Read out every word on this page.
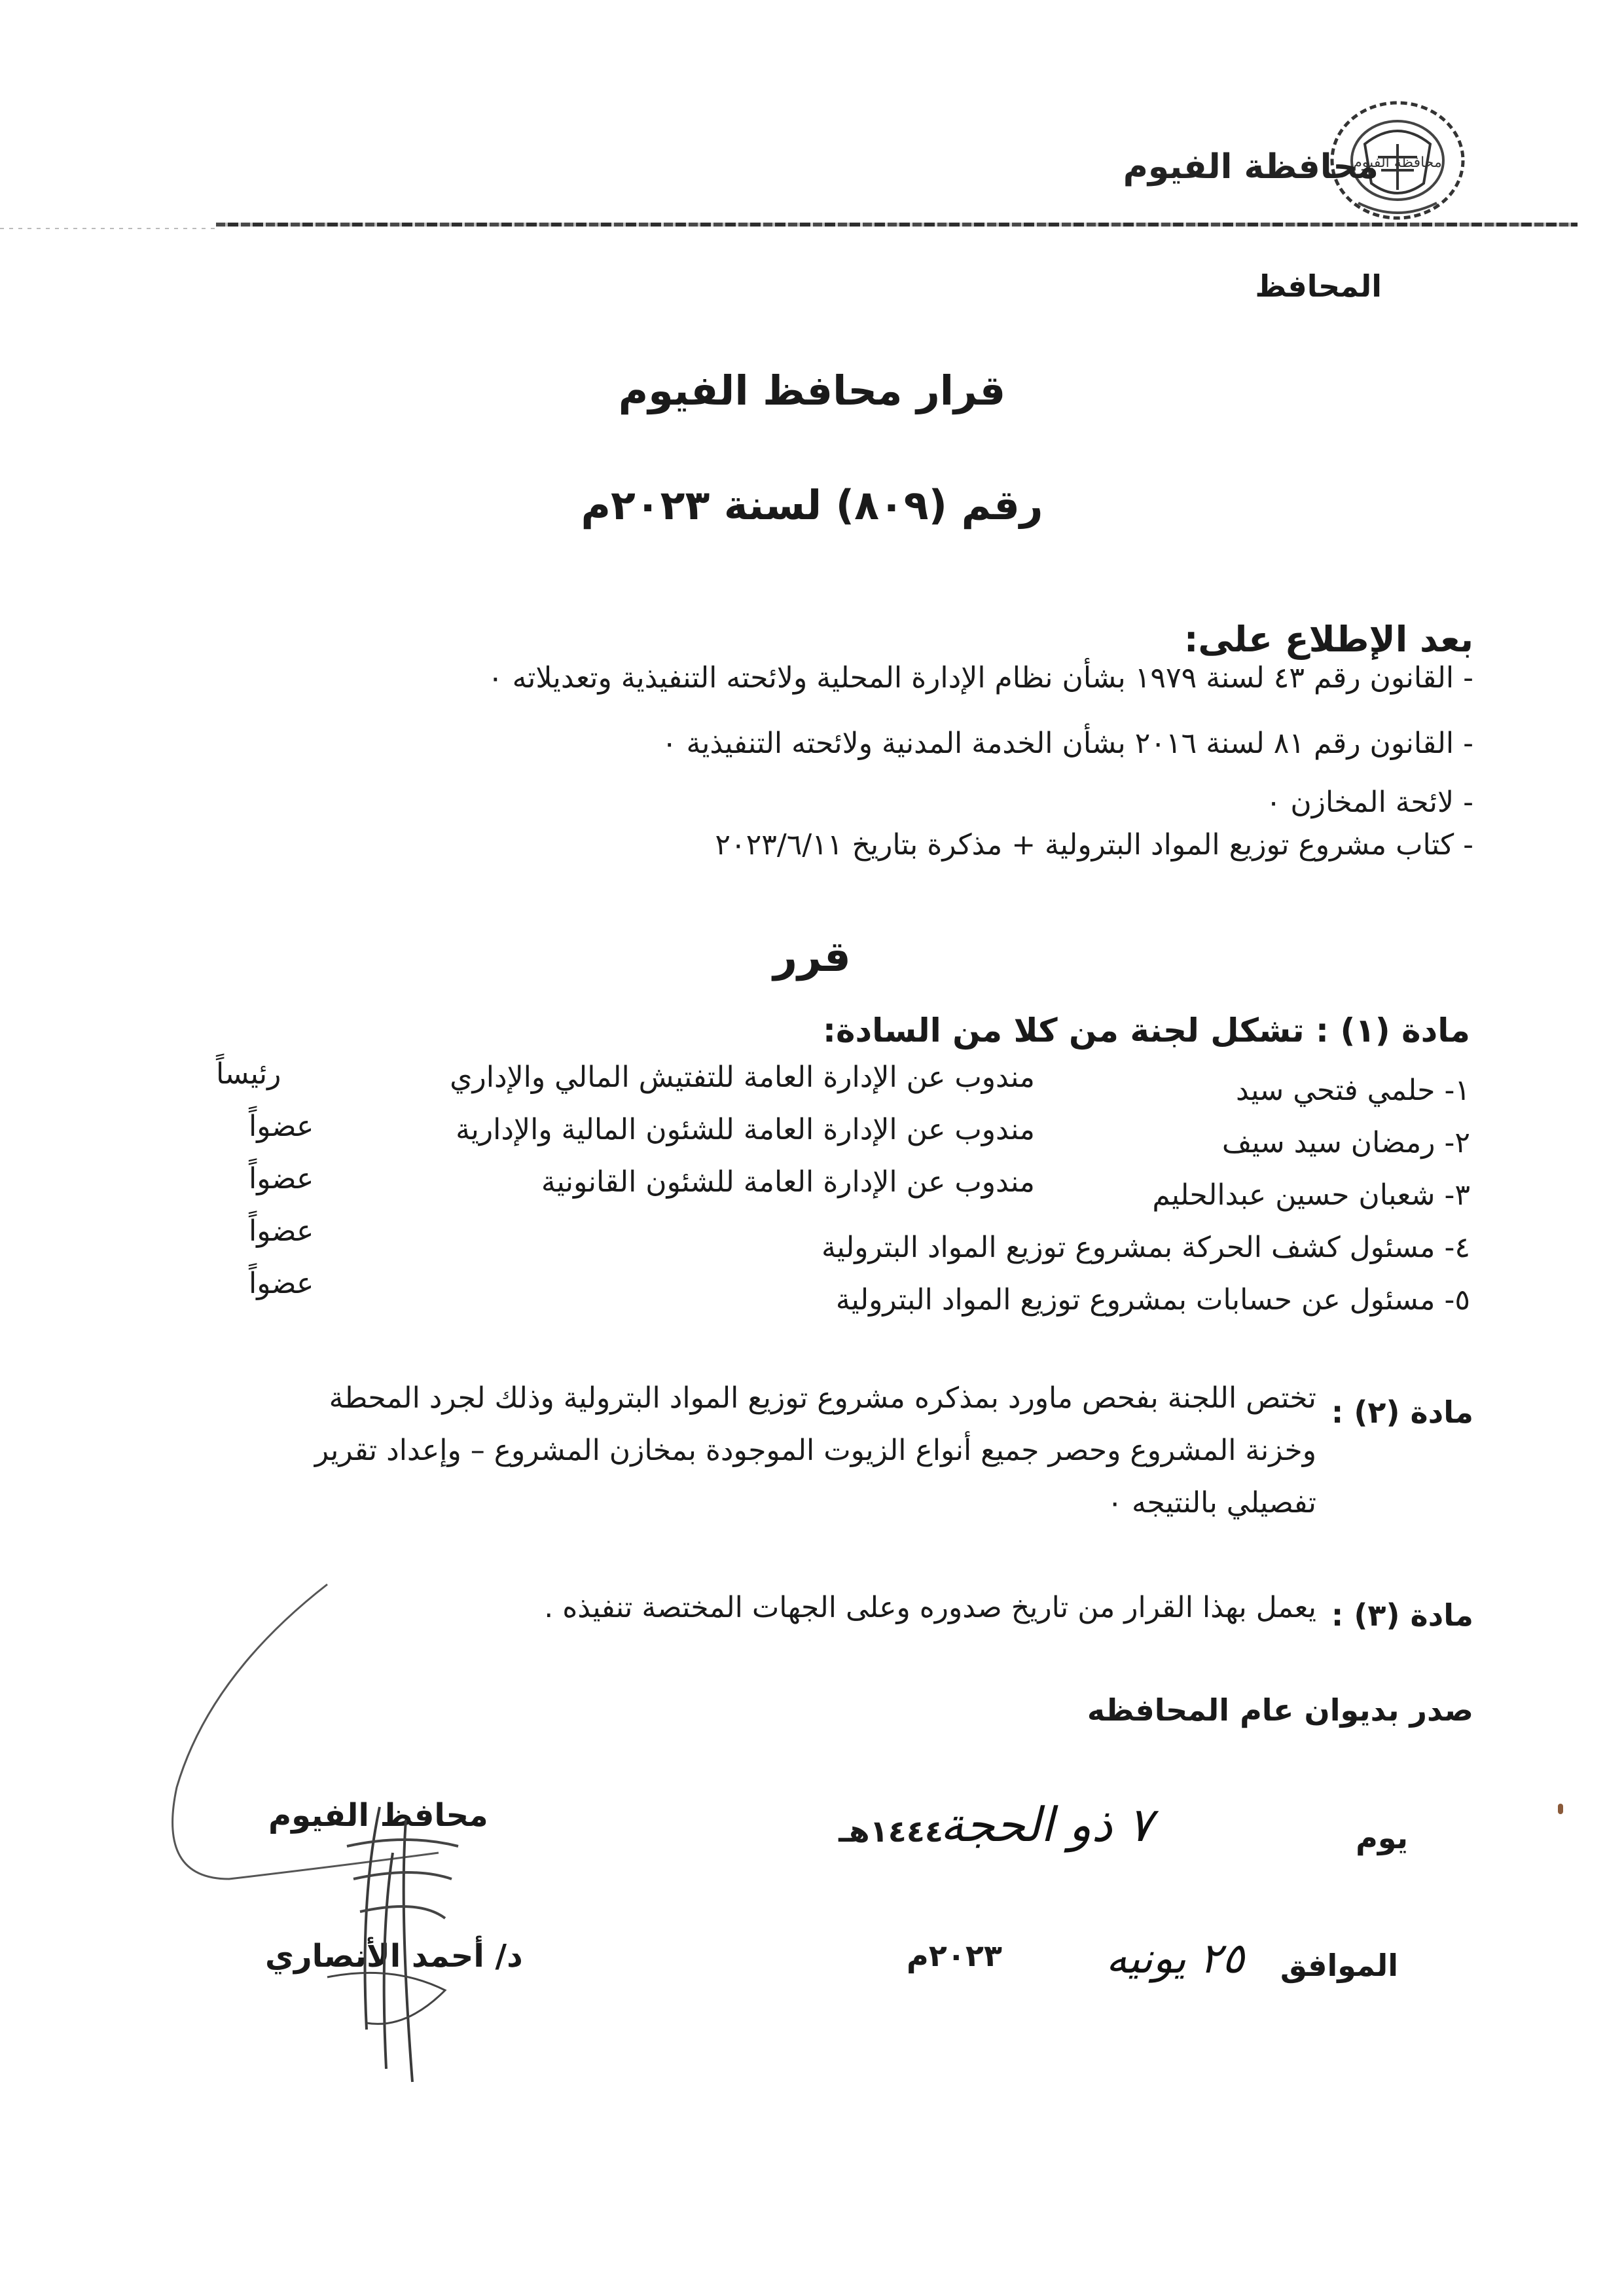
محافظة الفيوم
محافظة الفيوم
المحافظ
قرار محافظ الفيوم
رقم (٨٠٩) لسنة ٢٠٢٣م
بعد الإطلاع على:
- القانون رقم ٤٣ لسنة ١٩٧٩ بشأن نظام الإدارة المحلية ولائحته التنفيذية وتعديلاته ٠
- القانون رقم ٨١ لسنة ٢٠١٦ بشأن الخدمة المدنية ولائحته التنفيذية ٠
- لائحة المخازن ٠
- كتاب مشروع توزيع المواد البترولية + مذكرة بتاريخ ٢٠٢٣/٦/١١
قرر
مادة (١) : تشكل لجنة من كلا من السادة:
١- حلمي فتحي سيد
مندوب عن الإدارة العامة للتفتيش المالي والإداري
رئيساً
٢- رمضان سيد سيف
مندوب عن الإدارة العامة للشئون المالية والإدارية
عضواً
٣- شعبان حسين عبدالحليم
مندوب عن الإدارة العامة للشئون القانونية
عضواً
٤- مسئول كشف الحركة بمشروع توزيع المواد البترولية
عضواً
٥- مسئول عن حسابات بمشروع توزيع المواد البترولية
عضواً
مادة (٢) :
تختص اللجنة بفحص ماورد بمذكره مشروع توزيع المواد البترولية وذلك لجرد المحطة
وخزنة المشروع وحصر جميع أنواع الزيوت الموجودة بمخازن المشروع – وإعداد تقرير
تفصيلي بالنتيجه ٠
مادة (٣) :
يعمل بهذا القرار من تاريخ صدوره وعلى الجهات المختصة تنفيذه .
صدر بديوان عام المحافظه
يوم
٧ ذو الحجة
١٤٤٤هـ
الموافق
٢٥ يونيه
٢٠٢٣م
محافظ الفيوم
د/ أحمد الأنصاري
